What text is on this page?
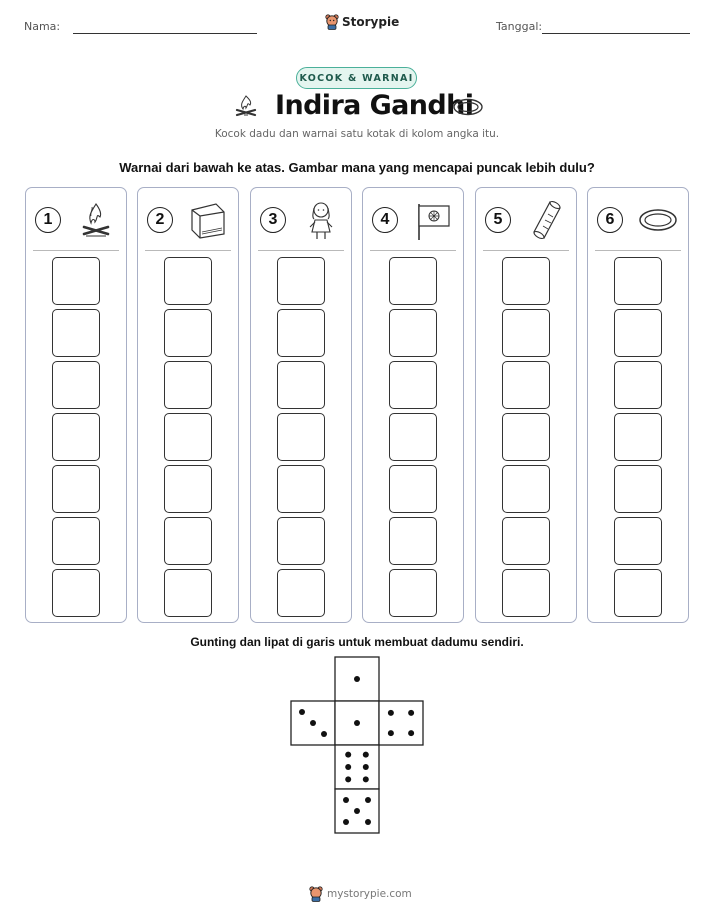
Nama:	Storypie	Tanggal:
KOCOK & WARNAI
Indira Gandhi
Kocok dadu dan warnai satu kotak di kolom angka itu.
Warnai dari bawah ke atas. Gambar mana yang mencapai puncak lebih dulu?
1	2	3	4	5	6
Gunting dan lipat di garis untuk membuat dadumu sendiri.
mystorypie.com
